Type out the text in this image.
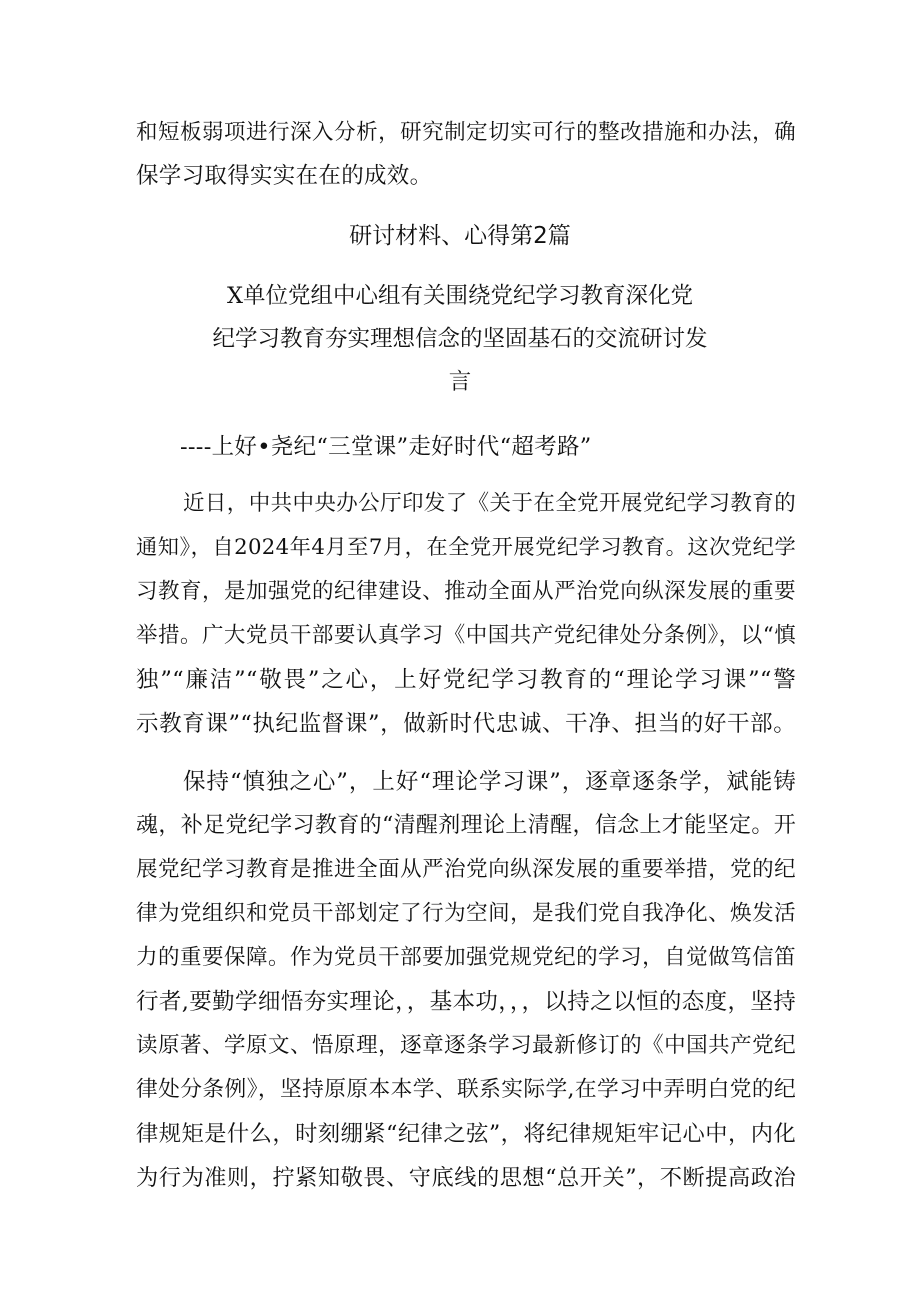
和短板弱项进行深入分析，研究制定切实可行的整改措施和办法，确
保学习取得实实在在的成效。
研讨材料、心得第2篇
X单位党组中心组有关围绕党纪学习教育深化党
纪学习教育夯实理想信念的坚固基石的交流研讨发
言
----上好•尧纪“三堂课”走好时代“超考路”
近日，中共中央办公厅印发了《关于在全党开展党纪学习教育的
通知》，自2024年4月至7月，在全党开展党纪学习教育。这次党纪学
习教育，是加强党的纪律建设、推动全面从严治党向纵深发展的重要
举措。广大党员干部要认真学习《中国共产党纪律处分条例》，以“慎
独”“廉洁”“敬畏”之心，上好党纪学习教育的“理论学习课”“警
示教育课”“执纪监督课”，做新时代忠诚、干净、担当的好干部。
保持“慎独之心”，上好“理论学习课”，逐章逐条学，斌能铸
魂，补足党纪学习教育的“清醒剂理论上清醒，信念上才能坚定。开
展党纪学习教育是推进全面从严治党向纵深发展的重要举措，党的纪
律为党组织和党员干部划定了行为空间，是我们党自我净化、焕发活
力的重要保障。作为党员干部要加强党规党纪的学习，自觉做笃信笛
行者,要勤学细悟夯实理论，，基本功，，，以持之以恒的态度，坚持
读原著、学原文、悟原理，逐章逐条学习最新修订的《中国共产党纪
律处分条例》，坚持原原本本学、联系实际学,在学习中弄明白党的纪
律规矩是什么，时刻绷紧“纪律之弦”，将纪律规矩牢记心中，内化
为行为准则，拧紧知敬畏、守底线的思想“总开关”，不断提高政治
